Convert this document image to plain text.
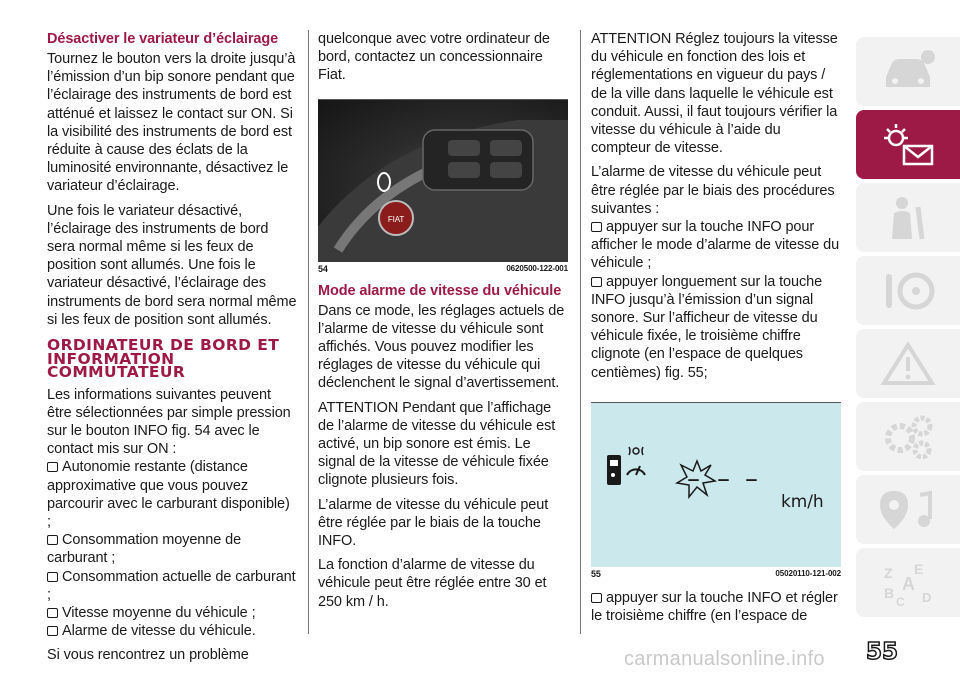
Désactiver le variateur d’éclairage

Tournez le bouton vers la droite jusqu’à l’émission d’un bip sonore pendant que l’éclairage des instruments de bord est atténué et laissez le contact sur ON. Si la visibilité des instruments de bord est réduite à cause des éclats de la luminosité environnante, désactivez le variateur d’éclairage.

Une fois le variateur désactivé, l’éclairage des instruments de bord sera normal même si les feux de position sont allumés. Une fois le variateur désactivé, l’éclairage des instruments de bord sera normal même si les feux de position sont allumés.

ORDINATEUR DE BORD ET INFORMATION COMMUTATEUR

Les informations suivantes peuvent être sélectionnées par simple pression sur le bouton INFO fig. 54 avec le contact mis sur ON :

Autonomie restante (distance approximative que vous pouvez parcourir avec le carburant disponible) ;
Consommation moyenne de carburant ;
Consommation actuelle de carburant ;
Vitesse moyenne du véhicule ;
Alarme de vitesse du véhicule.

Si vous rencontrez un problème

quelconque avec votre ordinateur de bord, contactez un concessionnaire Fiat.

FIAT
54	0620500-122-001
Mode alarme de vitesse du véhicule

Dans ce mode, les réglages actuels de l’alarme de vitesse du véhicule sont affichés. Vous pouvez modifier les réglages de vitesse du véhicule qui déclenchent le signal d’avertissement.

ATTENTION Pendant que l’affichage de l’alarme de vitesse du véhicule est activé, un bip sonore est émis. Le signal de la vitesse de véhicule fixée clignote plusieurs fois.

L’alarme de vitesse du véhicule peut être réglée par le biais de la touche INFO.

La fonction d’alarme de vitesse du véhicule peut être réglée entre 30 et 250 km / h.

ATTENTION Réglez toujours la vitesse du véhicule en fonction des lois et réglementations en vigueur du pays / de la ville dans laquelle le véhicule est conduit. Aussi, il faut toujours vérifier la vitesse du véhicule à l’aide du compteur de vitesse.

L’alarme de vitesse du véhicule peut être réglée par le biais des procédures suivantes :

appuyer sur la touche INFO pour afficher le mode d’alarme de vitesse du véhicule ;
appuyer longuement sur la touche INFO jusqu’à l’émission d’un signal sonore. Sur l’afficheur de vitesse du véhicule fixée, le troisième chiffre clignote (en l’espace de quelques centièmes) fig. 55;
– – –
km/h
55	05020110-121-002
appuyer sur la touche INFO et régler le troisième chiffre (en l’espace de
Z E
B A
C D
55
carmanualsonline.info
